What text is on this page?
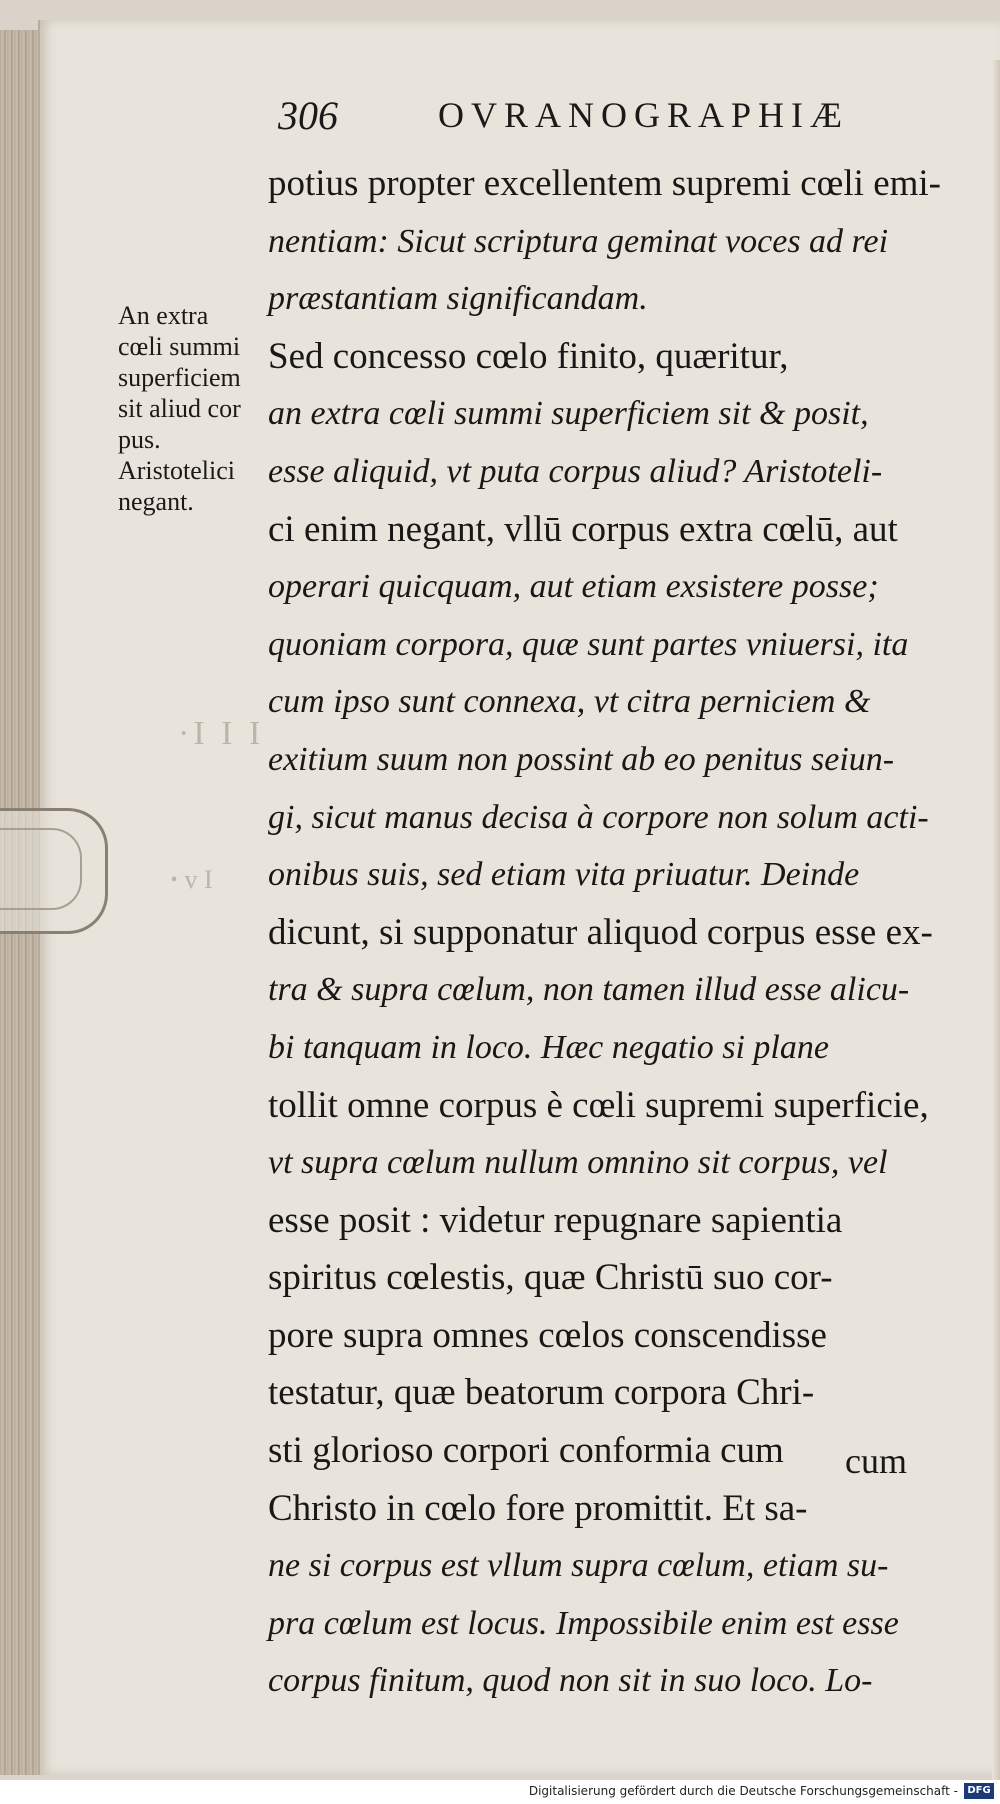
·I I I
ꞏ v I
306	OVRANOGRAPHIÆ
An extra
cœli summi
superficiem
sit aliud cor
pus.
Aristotelici
negant.
potius propter excellentem supremi cœli emi-
nentiam: Sicut scriptura geminat voces ad rei
præstantiam significandam.
Sed concesso cœlo finito, quæritur,
an extra cœli summi superficiem sit & posit,
esse aliquid, vt puta corpus aliud? Aristoteli-
ci enim negant, vllū corpus extra cœlū, aut
operari quicquam, aut etiam exsistere posse;
quoniam corpora, quæ sunt partes vniuersi, ita
cum ipso sunt connexa, vt citra perniciem &
exitium suum non possint ab eo penitus seiun-
gi, sicut manus decisa à corpore non solum acti-
onibus suis, sed etiam vita priuatur. Deinde
dicunt, si supponatur aliquod corpus esse ex-
tra & supra cœlum, non tamen illud esse alicu-
bi tanquam in loco. Hæc negatio si plane
tollit omne corpus è cœli supremi superficie,
vt supra cœlum nullum omnino sit corpus, vel
esse posit : videtur repugnare sapientia
spiritus cœlestis, quæ Christū suo cor-
pore supra omnes cœlos conscendisse
testatur, quæ beatorum corpora Chri-
sti glorioso corpori conformia cum
Christo in cœlo fore promittit. Et sa-
ne si corpus est vllum supra cœlum, etiam su-
pra cœlum est locus. Impossibile enim est esse
corpus finitum, quod non sit in suo loco. Lo-
cum
Digitalisierung gefördert durch die Deutsche Forschungsgemeinschaft - DFG
